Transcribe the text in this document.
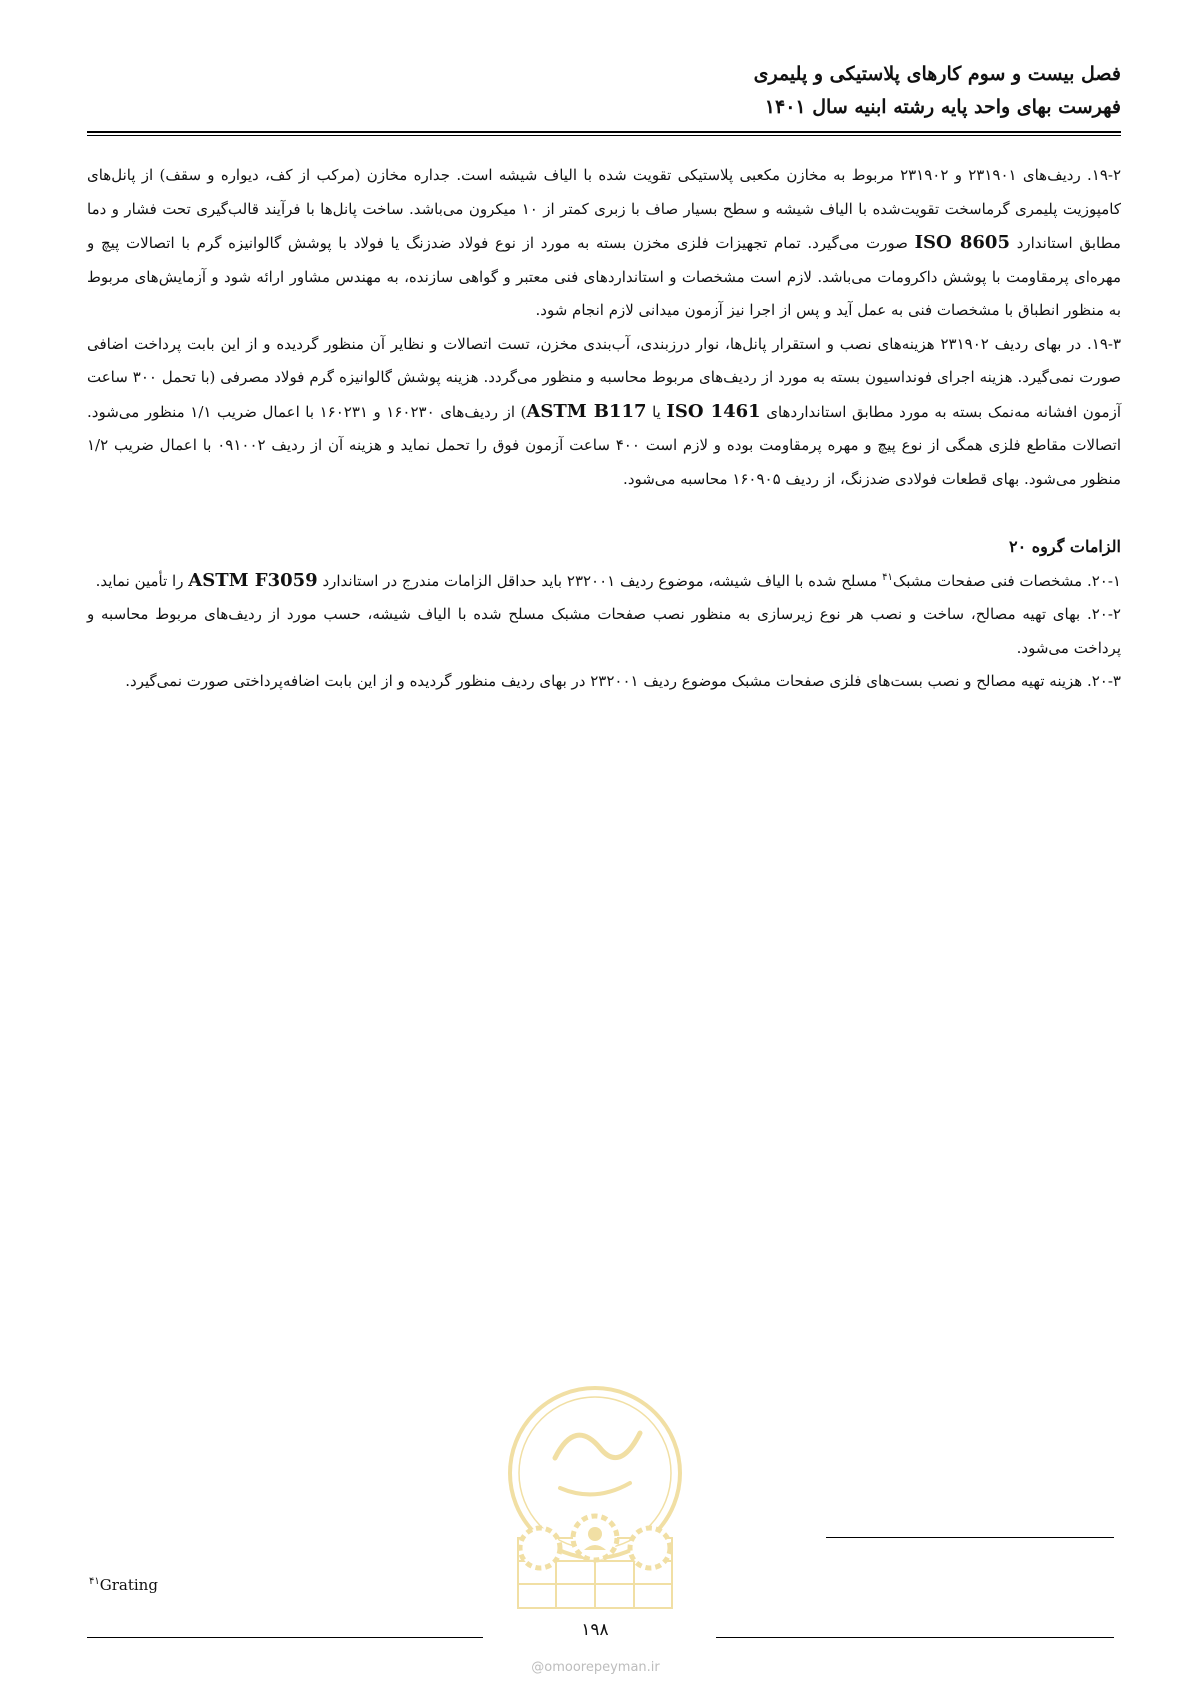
فصل بیست و سوم کارهای پلاستیکی و پلیمری
فهرست بهای واحد پایه رشته ابنیه سال ۱۴۰۱

۱۹-۲. ردیف‌های ۲۳۱۹۰۱ و ۲۳۱۹۰۲ مربوط به مخازن مکعبی پلاستیکی تقویت شده با الیاف شیشه است. جداره مخازن (مرکب از کف، دیواره و سقف) از پانل‌های کامپوزیت پلیمری گرماسخت تقویت‌شده با الیاف شیشه و سطح بسیار صاف با زبری کمتر از ۱۰ میکرون می‌باشد. ساخت پانل‌ها با فرآیند قالب‌گیری تحت فشار و دما مطابق استاندارد ISO 8605 صورت می‌گیرد. تمام تجهیزات فلزی مخزن بسته به مورد از نوع فولاد ضدزنگ یا فولاد با پوشش گالوانیزه گرم با اتصالات پیچ و مهره‌ای پرمقاومت با پوشش داکرومات می‌باشد. لازم است مشخصات و استانداردهای فنی معتبر و گواهی سازنده، به مهندس مشاور ارائه شود و آزمایش‌های مربوط به منظور انطباق با مشخصات فنی به عمل آید و پس از اجرا نیز آزمون میدانی لازم انجام شود.

۱۹-۳. در بهای ردیف ۲۳۱۹۰۲ هزینه‌های نصب و استقرار پانل‌ها، نوار درزبندی، آب‌بندی مخزن، تست اتصالات و نظایر آن منظور گردیده و از این بابت پرداخت اضافی صورت نمی‌گیرد. هزینه اجرای فونداسیون بسته به مورد از ردیف‌های مربوط محاسبه و منظور می‌گردد. هزینه پوشش گالوانیزه گرم فولاد مصرفی (با تحمل ۳۰۰ ساعت آزمون افشانه مه‌نمک بسته به مورد مطابق استانداردهای ISO 1461 یا ASTM B117) از ردیف‌های ۱۶۰۲۳۰ و ۱۶۰۲۳۱ با اعمال ضریب ۱/۱ منظور می‌شود. اتصالات مقاطع فلزی همگی از نوع پیچ و مهره پرمقاومت بوده و لازم است ۴۰۰ ساعت آزمون فوق را تحمل نماید و هزینه آن از ردیف ۰۹۱۰۰۲ با اعمال ضریب ۱/۲ منظور می‌شود. بهای قطعات فولادی ضدزنگ، از ردیف ۱۶۰۹۰۵ محاسبه می‌شود.

الزامات گروه ۲۰

۲۰-۱. مشخصات فنی صفحات مشبک$^{۴۱}$ مسلح شده با الیاف شیشه، موضوع ردیف ۲۳۲۰۰۱ باید حداقل الزامات مندرج در استاندارد ASTM F3059 را تأمین نماید.

۲۰-۲. بهای تهیه مصالح، ساخت و نصب هر نوع زیرسازی به منظور نصب صفحات مشبک مسلح شده با الیاف شیشه، حسب مورد از ردیف‌های مربوط محاسبه و پرداخت می‌شود.

۲۰-۳. هزینه تهیه مصالح و نصب بست‌های فلزی صفحات مشبک موضوع ردیف ۲۳۲۰۰۱ در بهای ردیف منظور گردیده و از این بابت اضافه‌پرداختی صورت نمی‌گیرد.

$^{۴۱}$Grating
۱۹۸
@omoorepeyman.ir
